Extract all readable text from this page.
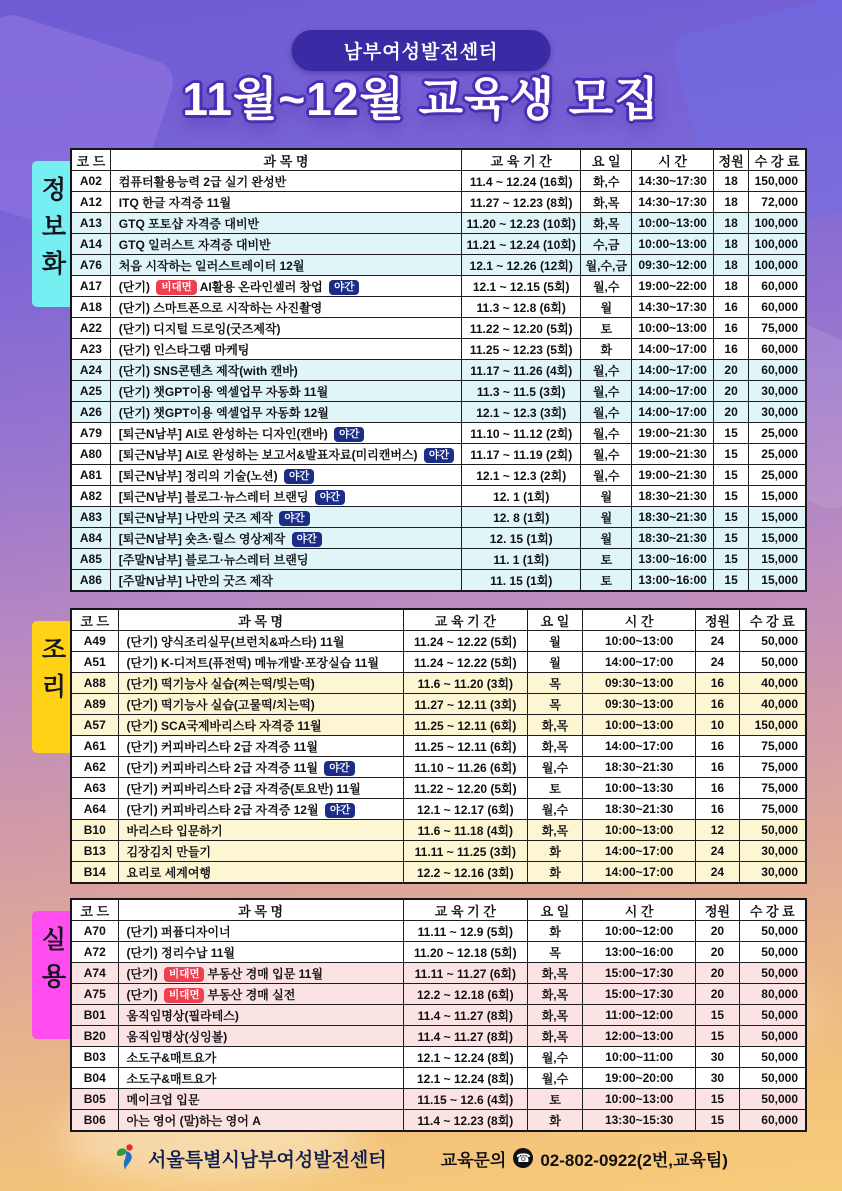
남부여성발전센터
11월~12월 교육생 모집
정보화
코 드	과 목 명	교 육 기 간	요 일	시 간	정원	수 강 료
A02	컴퓨터활용능력 2급 실기 완성반	11.4 ~ 12.24 (16회)	화,수	14:30~17:30	18	150,000
A12	ITQ 한글 자격증 11월	11.27 ~ 12.23 (8회)	화,목	14:30~17:30	18	72,000
A13	GTQ 포토샵 자격증 대비반	11.20 ~ 12.23 (10회)	화,목	10:00~13:00	18	100,000
A14	GTQ 일러스트 자격증 대비반	11.21 ~ 12.24 (10회)	수,금	10:00~13:00	18	100,000
A76	처음 시작하는 일러스트레이터 12월	12.1 ~ 12.26 (12회)	월,수,금	09:30~12:00	18	100,000
A17	(단기) 비대면 AI활용 온라인셀러 창업 야간	12.1 ~ 12.15 (5회)	월,수	19:00~22:00	18	60,000
A18	(단기) 스마트폰으로 시작하는 사진촬영	11.3 ~ 12.8 (6회)	월	14:30~17:30	16	60,000
A22	(단기) 디지털 드로잉(굿즈제작)	11.22 ~ 12.20 (5회)	토	10:00~13:00	16	75,000
A23	(단기) 인스타그램 마케팅	11.25 ~ 12.23 (5회)	화	14:00~17:00	16	60,000
A24	(단기) SNS콘텐츠 제작(with 캔바)	11.17 ~ 11.26 (4회)	월,수	14:00~17:00	20	60,000
A25	(단기) 챗GPT이용 엑셀업무 자동화 11월	11.3 ~ 11.5 (3회)	월,수	14:00~17:00	20	30,000
A26	(단기) 챗GPT이용 엑셀업무 자동화 12월	12.1 ~ 12.3 (3회)	월,수	14:00~17:00	20	30,000
A79	[퇴근N남부] AI로 완성하는 디자인(캔바) 야간	11.10 ~ 11.12 (2회)	월,수	19:00~21:30	15	25,000
A80	[퇴근N남부] AI로 완성하는 보고서&발표자료(미리캔버스) 야간	11.17 ~ 11.19 (2회)	월,수	19:00~21:30	15	25,000
A81	[퇴근N남부] 정리의 기술(노션) 야간	12.1 ~ 12.3 (2회)	월,수	19:00~21:30	15	25,000
A82	[퇴근N남부] 블로그·뉴스레터 브랜딩 야간	12. 1 (1회)	월	18:30~21:30	15	15,000
A83	[퇴근N남부] 나만의 굿즈 제작 야간	12. 8 (1회)	월	18:30~21:30	15	15,000
A84	[퇴근N남부] 숏츠·릴스 영상제작 야간	12. 15 (1회)	월	18:30~21:30	15	15,000
A85	[주말N남부] 블로그·뉴스레터 브랜딩	11. 1 (1회)	토	13:00~16:00	15	15,000
A86	[주말N남부] 나만의 굿즈 제작	11. 15 (1회)	토	13:00~16:00	15	15,000
조리
코 드	과 목 명	교 육 기 간	요 일	시 간	정원	수 강 료
A49	(단기) 양식조리실무(브런치&파스타) 11월	11.24 ~ 12.22 (5회)	월	10:00~13:00	24	50,000
A51	(단기) K-디저트(퓨전떡) 메뉴개발·포장실습 11월	11.24 ~ 12.22 (5회)	월	14:00~17:00	24	50,000
A88	(단기) 떡기능사 실습(찌는떡/빚는떡)	11.6 ~ 11.20 (3회)	목	09:30~13:00	16	40,000
A89	(단기) 떡기능사 실습(고물떡/치는떡)	11.27 ~ 12.11 (3회)	목	09:30~13:00	16	40,000
A57	(단기) SCA국제바리스타 자격증 11월	11.25 ~ 12.11 (6회)	화,목	10:00~13:00	10	150,000
A61	(단기) 커피바리스타 2급 자격증 11월	11.25 ~ 12.11 (6회)	화,목	14:00~17:00	16	75,000
A62	(단기) 커피바리스타 2급 자격증 11월 야간	11.10 ~ 11.26 (6회)	월,수	18:30~21:30	16	75,000
A63	(단기) 커피바리스타 2급 자격증(토요반) 11월	11.22 ~ 12.20 (5회)	토	10:00~13:30	16	75,000
A64	(단기) 커피바리스타 2급 자격증 12월 야간	12.1 ~ 12.17 (6회)	월,수	18:30~21:30	16	75,000
B10	바리스타 입문하기	11.6 ~ 11.18 (4회)	화,목	10:00~13:00	12	50,000
B13	김장김치 만들기	11.11 ~ 11.25 (3회)	화	14:00~17:00	24	30,000
B14	요리로 세계여행	12.2 ~ 12.16 (3회)	화	14:00~17:00	24	30,000
실용
코 드	과 목 명	교 육 기 간	요 일	시 간	정원	수 강 료
A70	(단기) 퍼퓸디자이너	11.11 ~ 12.9 (5회)	화	10:00~12:00	20	50,000
A72	(단기) 정리수납 11월	11.20 ~ 12.18 (5회)	목	13:00~16:00	20	50,000
A74	(단기) 비대면 부동산 경매 입문 11월	11.11 ~ 11.27 (6회)	화,목	15:00~17:30	20	50,000
A75	(단기) 비대면 부동산 경매 실전	12.2 ~ 12.18 (6회)	화,목	15:00~17:30	20	80,000
B01	움직임명상(필라테스)	11.4 ~ 11.27 (8회)	화,목	11:00~12:00	15	50,000
B20	움직임명상(싱잉볼)	11.4 ~ 11.27 (8회)	화,목	12:00~13:00	15	50,000
B03	소도구&매트요가	12.1 ~ 12.24 (8회)	월,수	10:00~11:00	30	50,000
B04	소도구&매트요가	12.1 ~ 12.24 (8회)	월,수	19:00~20:00	30	50,000
B05	메이크업 입문	11.15 ~ 12.6 (4회)	토	10:00~13:00	15	50,000
B06	아는 영어 (말)하는 영어 A	11.4 ~ 12.23 (8회)	화	13:30~15:30	15	60,000
서울특별시남부여성발전센터	교육문의 ☎ 02-802-0922(2번,교육팀)
